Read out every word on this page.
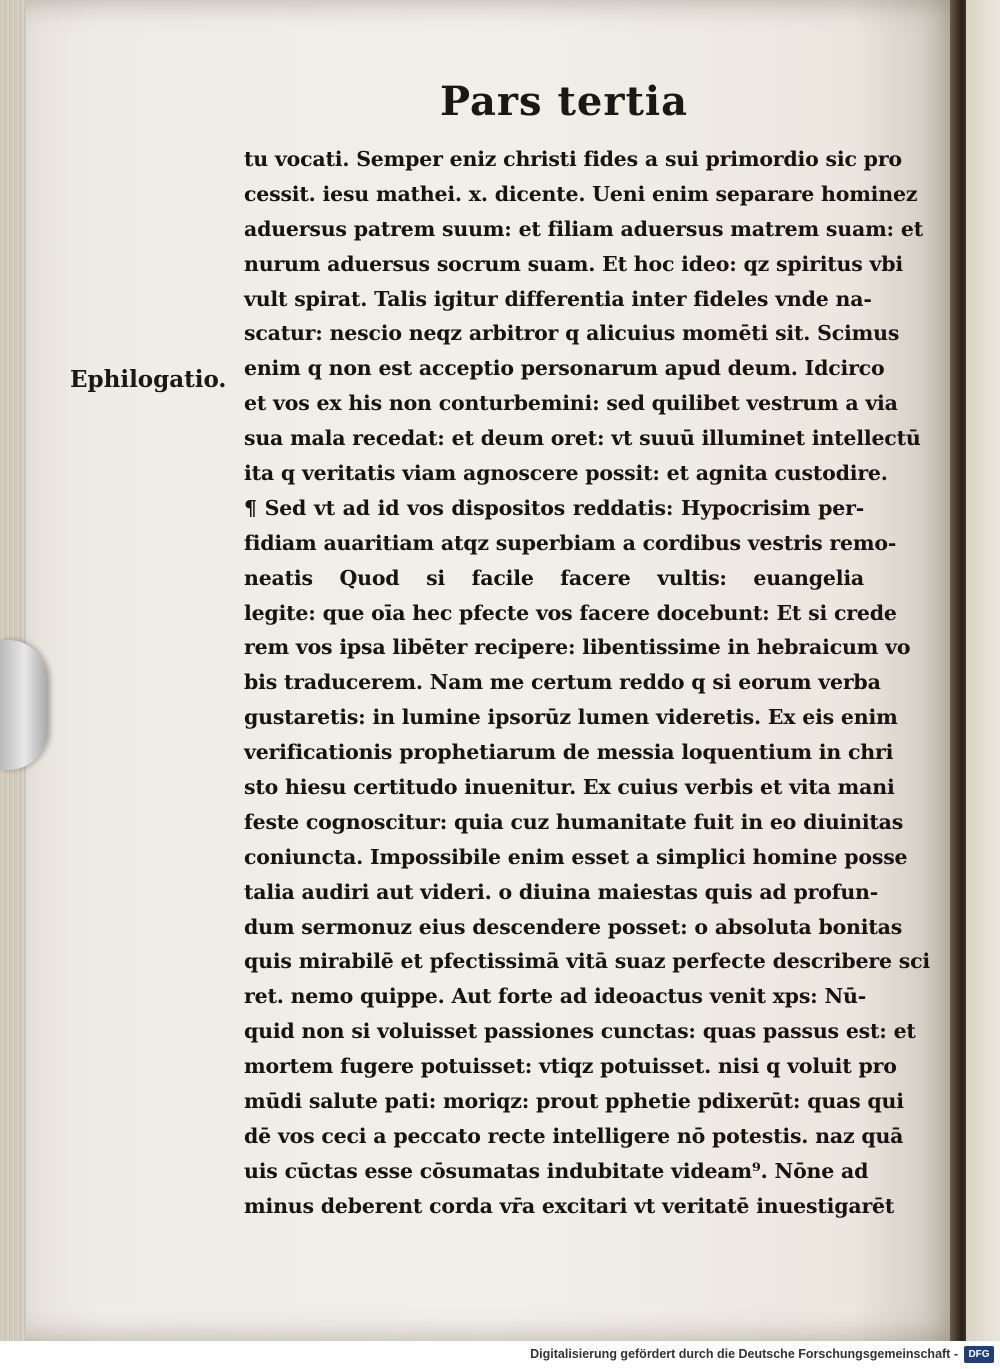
Pars tertia
Ephilogatio.
tu vocati. Semper eniz christi fides a sui primordio sic pro
cessit. iesu mathei. x. dicente. Ueni enim separare hominez
aduersus patrem suum: et filiam aduersus matrem suam: et
nurum aduersus socrum suam. Et hoc ideo: qz spiritus vbi
vult spirat. Talis igitur differentia inter fideles vnde na-
scatur: nescio neqz arbitror q alicuius momēti sit. Scimus
enim q non est acceptio personarum apud deum. Idcirco
et vos ex his non conturbemini: sed quilibet vestrum a via
sua mala recedat: et deum oret: vt suuū illuminet intellectū
ita q veritatis viam agnoscere possit: et agnita custodire.
¶ Sed vt ad id vos dispositos reddatis: Hypocrisim per-
fidiam auaritiam atqz superbiam a cordibus vestris remo-
neatis Quod si facile facere vultis: euangelia
legite: que oīa hec pfecte vos facere docebunt: Et si crede
rem vos ipsa libēter recipere: libentissime in hebraicum vo
bis traducerem. Nam me certum reddo q si eorum verba
gustaretis: in lumine ipsorūz lumen videretis. Ex eis enim
verificationis prophetiarum de messia loquentium in chri
sto hiesu certitudo inuenitur. Ex cuius verbis et vita mani
feste cognoscitur: quia cuz humanitate fuit in eo diuinitas
coniuncta. Impossibile enim esset a simplici homine posse
talia audiri aut videri. o diuina maiestas quis ad profun-
dum sermonuz eius descendere posset: o absoluta bonitas
quis mirabilē et pfectissimā vitā suaz perfecte describere sci
ret. nemo quippe. Aut forte ad ideoactus venit xps: Nū-
quid non si voluisset passiones cunctas: quas passus est: et
mortem fugere potuisset: vtiqz potuisset. nisi q voluit pro
mūdi salute pati: moriqz: prout pphetie pdixerūt: quas qui
dē vos ceci a peccato recte intelligere nō potestis. naz quā
uis cūctas esse cōsumatas indubitate videam⁹. Nōne ad
minus deberent corda vr̄a excitari vt veritatē inuestigarēt
Digitalisierung gefördert durch die Deutsche Forschungsgemeinschaft -	DFG
